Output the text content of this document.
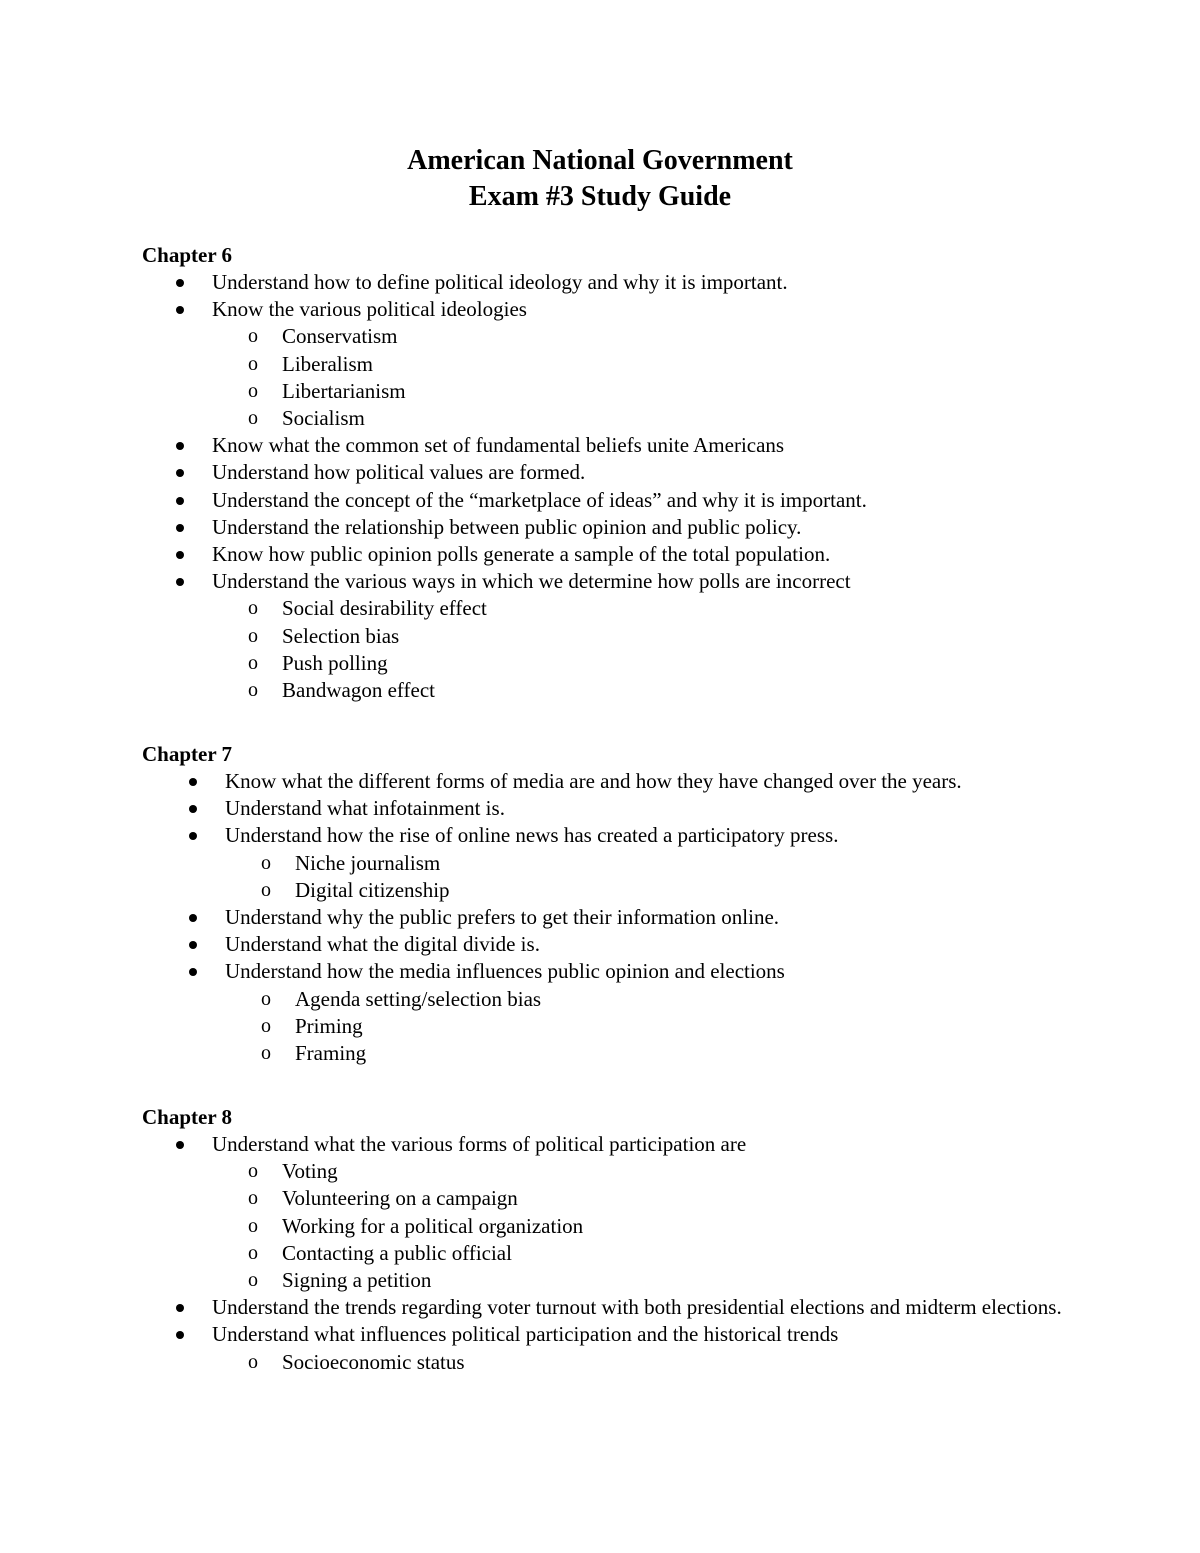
American National Government
Exam #3 Study Guide
Chapter 6
Understand how to define political ideology and why it is important.
Know the various political ideologies
o Conservatism
o Liberalism
o Libertarianism
o Socialism
Know what the common set of fundamental beliefs unite Americans
Understand how political values are formed.
Understand the concept of the “marketplace of ideas” and why it is important.
Understand the relationship between public opinion and public policy.
Know how public opinion polls generate a sample of the total population.
Understand the various ways in which we determine how polls are incorrect
o Social desirability effect
o Selection bias
o Push polling
o Bandwagon effect
Chapter 7
Know what the different forms of media are and how they have changed over the years.
Understand what infotainment is.
Understand how the rise of online news has created a participatory press.
o Niche journalism
o Digital citizenship
Understand why the public prefers to get their information online.
Understand what the digital divide is.
Understand how the media influences public opinion and elections
o Agenda setting/selection bias
o Priming
o Framing
Chapter 8
Understand what the various forms of political participation are
o Voting
o Volunteering on a campaign
o Working for a political organization
o Contacting a public official
o Signing a petition
Understand the trends regarding voter turnout with both presidential elections and midterm elections.
Understand what influences political participation and the historical trends
o Socioeconomic status
